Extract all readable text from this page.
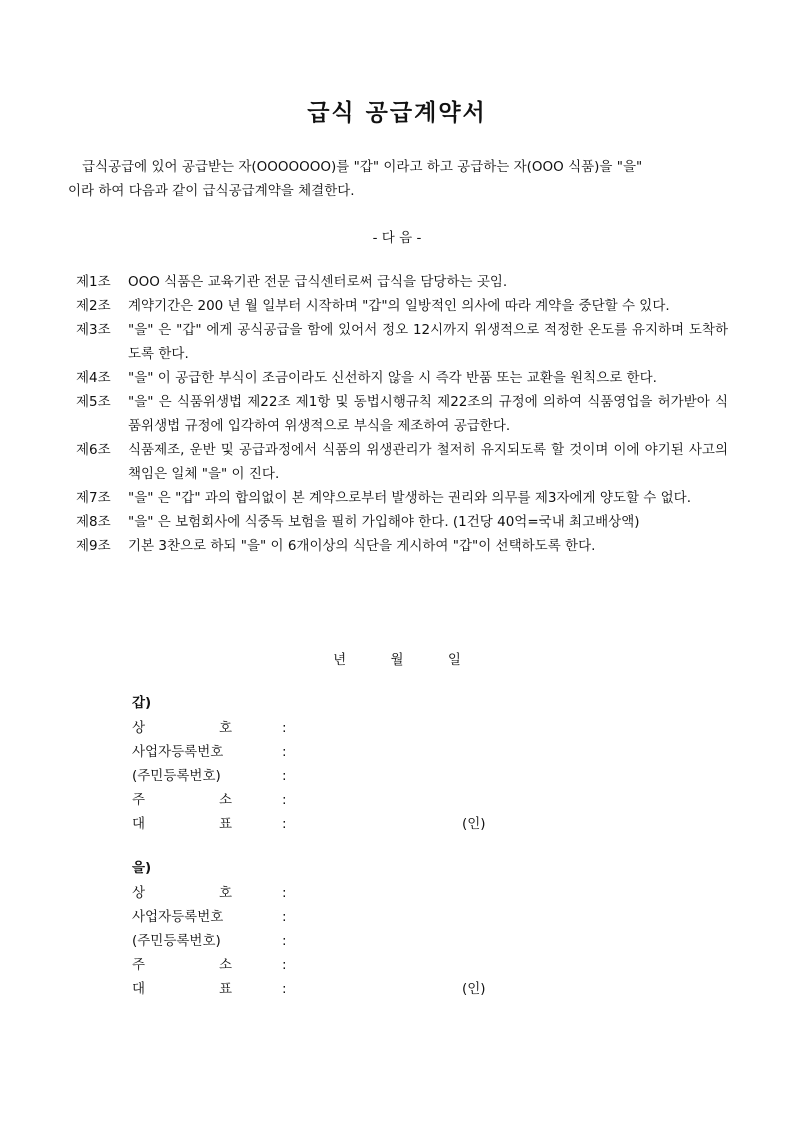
급식 공급계약서
급식공급에 있어 공급받는 자(OOOOOOO)를 "갑" 이라고 하고 공급하는 자(OOO 식품)을 "을"
이라 하여 다음과 같이 급식공급계약을 체결한다.
- 다 음 -
제1조	OOO 식품은 교육기관 전문 급식센터로써 급식을 담당하는 곳임.
제2조	계약기간은 200 년 월 일부터 시작하며 "갑"의 일방적인 의사에 따라 계약을 중단할 수 있다.
제3조	"을" 은 "갑" 에게 공식공급을 함에 있어서 정오 12시까지 위생적으로 적정한 온도를 유지하며 도착하도록 한다.
제4조	"을" 이 공급한 부식이 조금이라도 신선하지 않을 시 즉각 반품 또는 교환을 원칙으로 한다.
제5조	"을" 은 식품위생법 제22조 제1항 및 동법시행규칙 제22조의 규정에 의하여 식품영업을 허가받아 식품위생법 규정에 입각하여 위생적으로 부식을 제조하여 공급한다.
제6조	식품제조, 운반 및 공급과정에서 식품의 위생관리가 철저히 유지되도록 할 것이며 이에 야기된 사고의 책임은 일체 "을" 이 진다.
제7조	"을" 은 "갑" 과의 합의없이 본 계약으로부터 발생하는 권리와 의무를 제3자에게 양도할 수 없다.
제8조	"을" 은 보험회사에 식중독 보험을 필히 가입해야 한다. (1건당 40억=국내 최고배상액)
제9조	기본 3찬으로 하되 "을" 이 6개이상의 식단을 게시하여 "갑"이 선택하도록 한다.
년	월	일
갑)
상	호	:
사업자등록번호	:
(주민등록번호)	:
주	소	:
대	표	:	(인)
을)
상	호	:
사업자등록번호	:
(주민등록번호)	:
주	소	:
대	표	:	(인)
